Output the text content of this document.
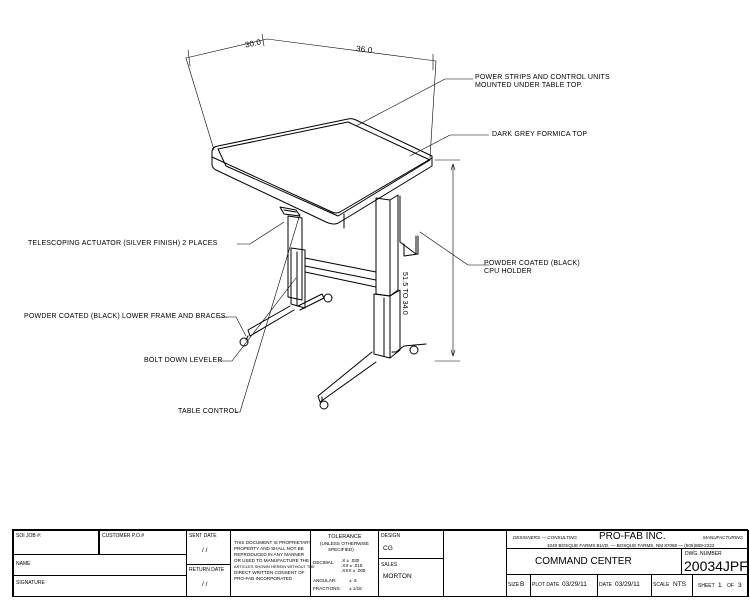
30.0	36.0
51.5 TO 34.0
POWER STRIPS AND CONTROL UNITS
MOUNTED UNDER TABLE TOP.
DARK GREY FORMICA TOP
TELESCOPING ACTUATOR (SILVER FINISH) 2 PLACES
POWDER COATED (BLACK)
CPU HOLDER
POWDER COATED (BLACK) LOWER FRAME AND BRACES.
BOLT DOWN LEVELER
TABLE CONTROL
SOI JOB #:	CUSTOMER P.O.#
NAME
SIGNATURE
SENT DATE
/ /
RETURN DATE
/ /
THIS DOCUMENT IS PROPRIETARY
PROPERTY AND SHALL NOT BE
REPRODUCED IN ANY MANNER
OR USED TO MANUFACTURE THE
ARTICLES SHOWN HEREIN WITHOUT THE
DIRECT WRITTEN CONSENT OF
PRO-FAB INCORPORATED
TOLERANCE
(UNLESS OTHERWISE
SPECIFIED)
DECIMAL: .X ± .030
.XX ± .015
.XXX ± .005
ANGULAR:	± .5
FRACTIONS: ± 1/16
DESIGN
CG
SALES
MORTON
DESIGNERS — CONSULTING PRO-FAB INC.	MANUFACTURING
1040 BOSQUE FARMS BLVD. — BOSQUE FARMS, NM 87068 — (505)869-2222
COMMAND CENTER
DWG. NUMBER
20034JPF
SIZE B PLOT DATE 03/29/11 DATE 03/29/11	SCALE NTS SHEET 1 OF 3
